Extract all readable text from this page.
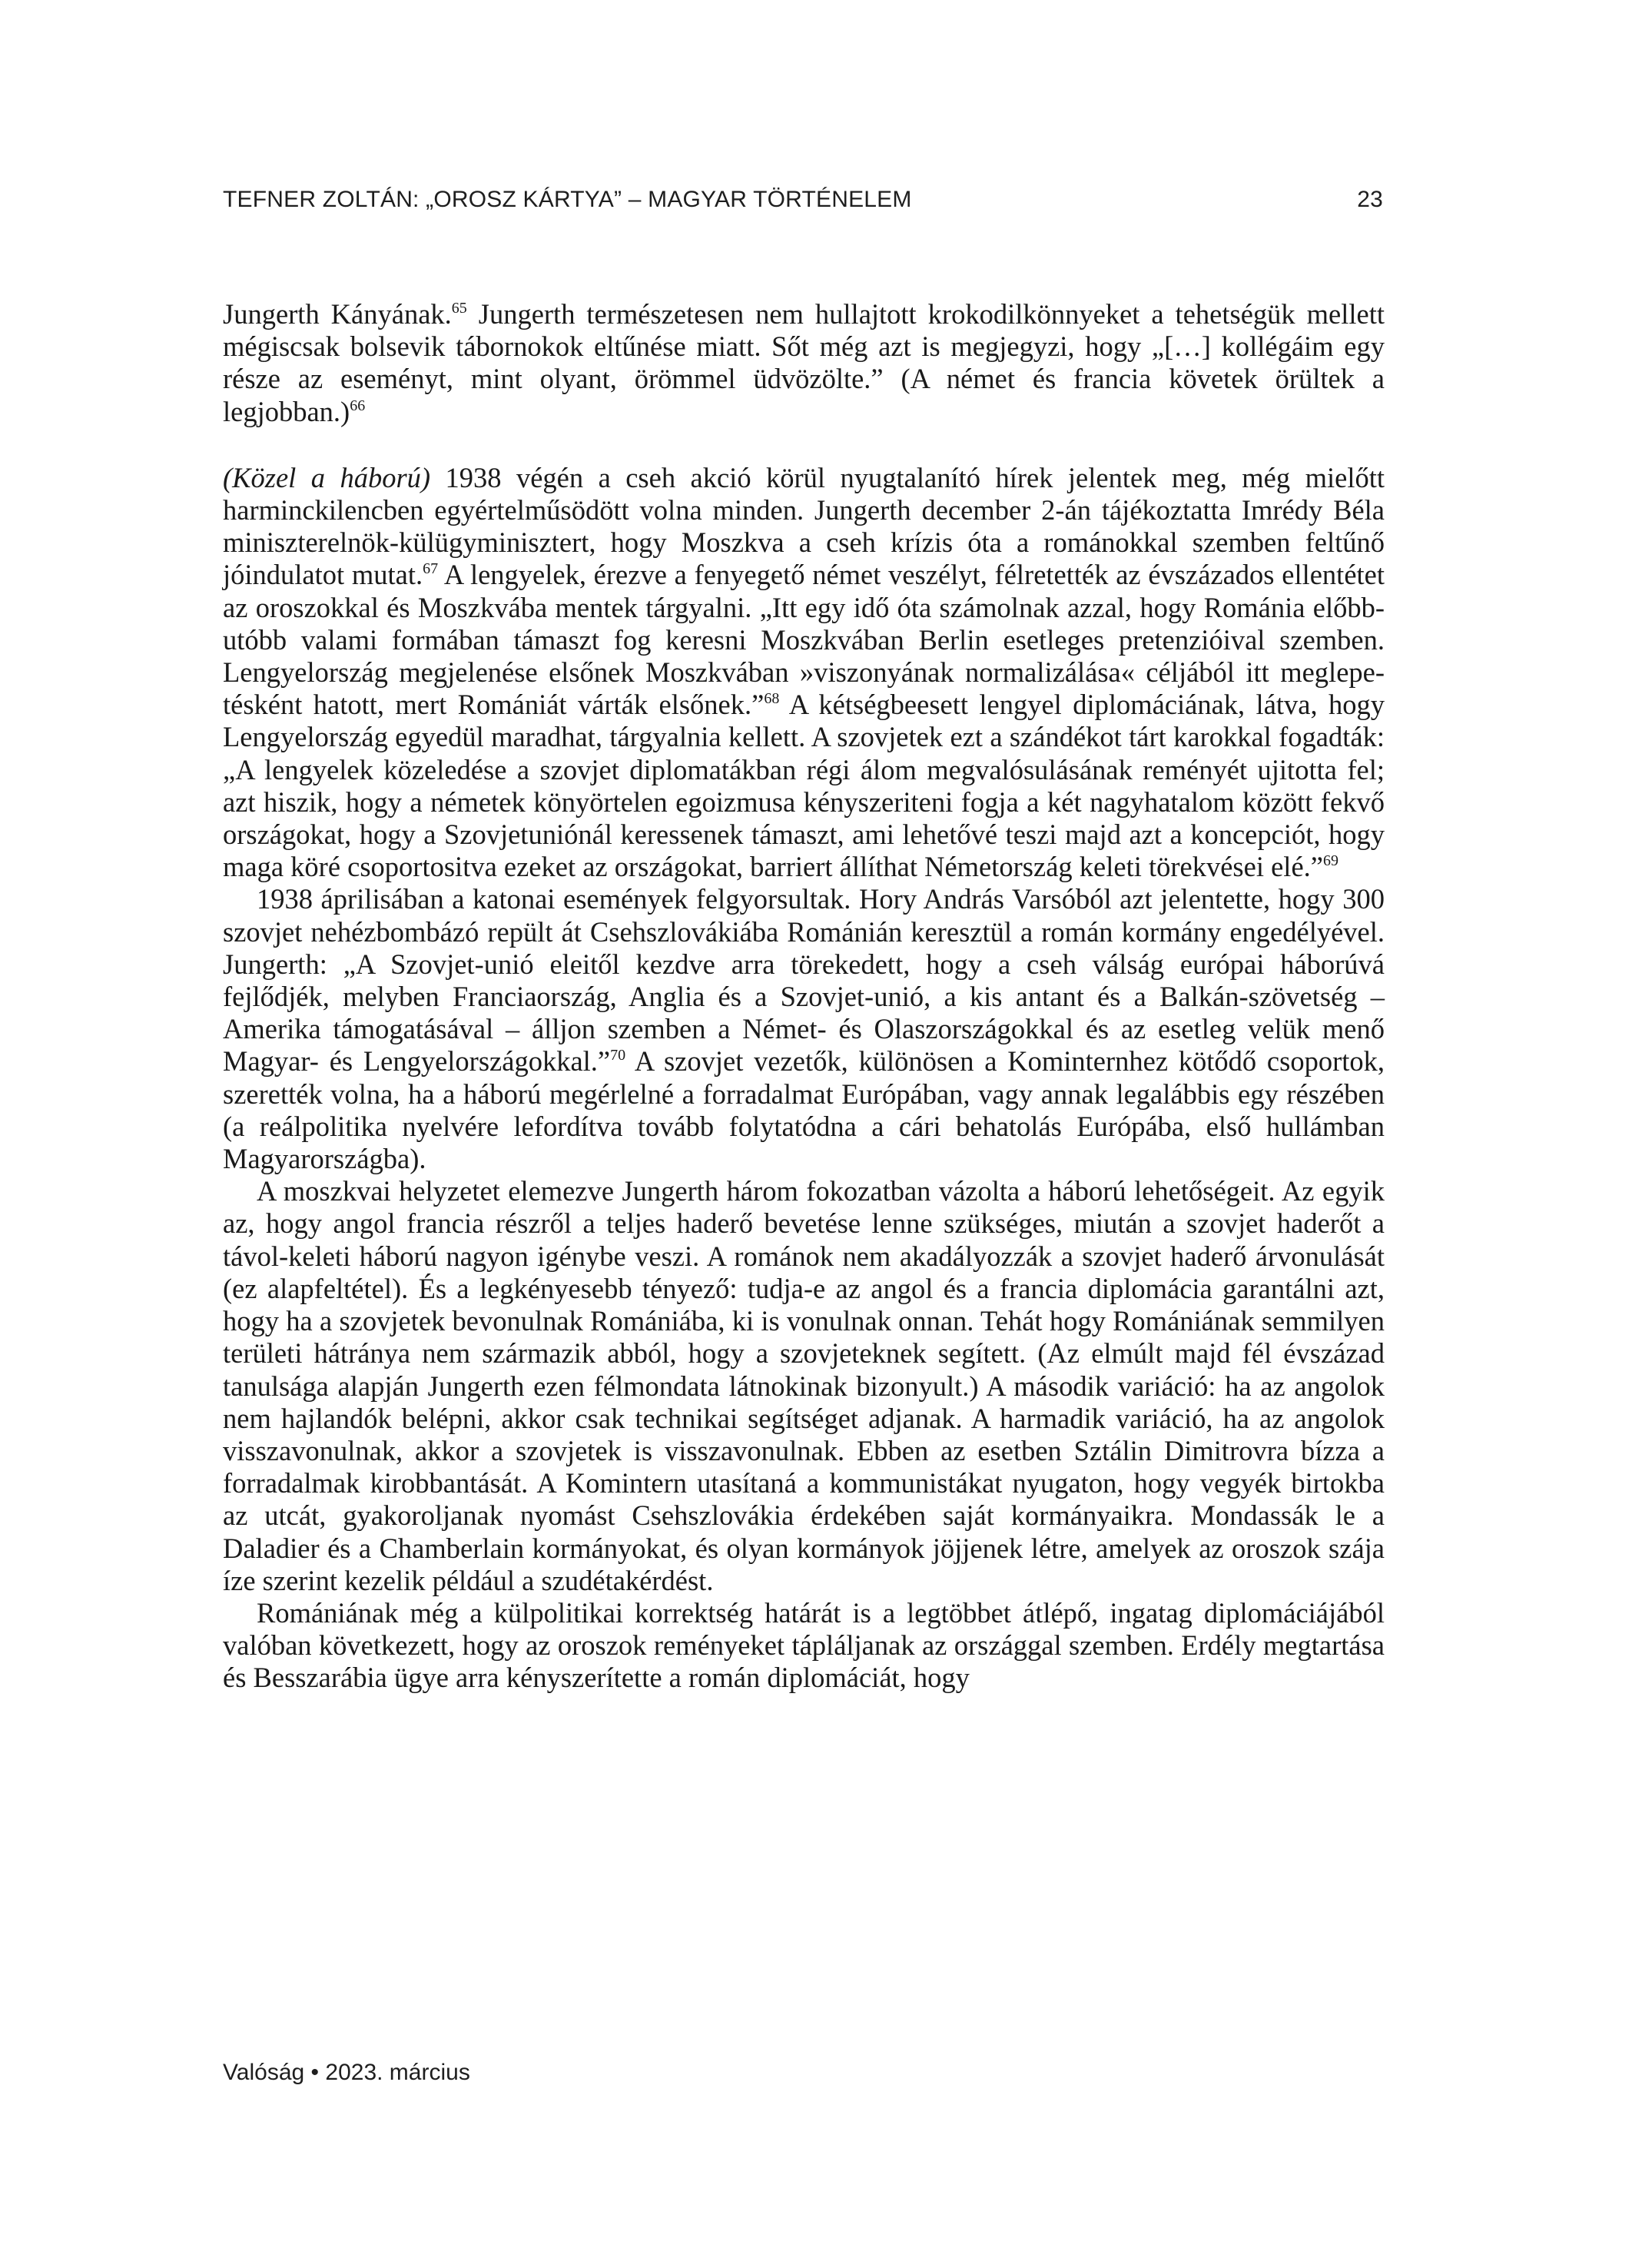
TEFNER ZOLTÁN: „OROSZ KÁRTYA” – MAGYAR TÖRTÉNELEM	23

Jungerth Kányának.$^{65}$ Jungerth természetesen nem hullajtott krokodilkönnyeket a tehetségük mellett mégiscsak bolsevik tábornokok eltűnése miatt. Sőt még azt is megjegyzi, hogy „[…] kollégáim egy része az eseményt, mint olyant, örömmel üdvözölte.” (A német és francia követek örültek a legjobban.)$^{66}$

(Közel a háború) 1938 végén a cseh akció körül nyugtalanító hírek jelentek meg, még mielőtt harminckilencben egyértelműsödött volna minden. Jungerth december 2-án tájékoztatta Imrédy Béla miniszterelnök-külügyminisztert, hogy Moszkva a cseh krízis óta a románokkal szemben feltűnő jóindulatot mutat.$^{67}$ A lengyelek, érezve a fenyegető német veszélyt, félretették az évszázados ellentétet az oroszokkal és Moszkvába mentek tárgyalni. „Itt egy idő óta számolnak azzal, hogy Románia előbb-utóbb valami formában támaszt fog keresni Moszkvában Berlin esetleges pretenzióival szemben. Lengyelország megjelenése elsőnek Moszkvában »viszonyának normalizálása« céljából itt meglepetésként hatott, mert Romániát várták elsőnek.”$^{68}$ A kétségbeesett lengyel diplomáciának, látva, hogy Lengyelország egyedül maradhat, tárgyalnia kellett. A szovjetek ezt a szándékot tárt karokkal fogadták: „A lengyelek közeledése a szovjet diplomatákban régi álom megvalósulásának reményét ujitotta fel; azt hiszik, hogy a németek könyörtelen egoizmusa kényszeriteni fogja a két nagyhatalom között fekvő országokat, hogy a Szovjetuniónál keressenek támaszt, ami lehetővé teszi majd azt a koncepciót, hogy maga köré csoportositva ezeket az országokat, barriert állíthat Németország keleti törekvései elé.”$^{69}$

1938 áprilisában a katonai események felgyorsultak. Hory András Varsóból azt jelentette, hogy 300 szovjet nehézbombázó repült át Csehszlovákiába Románián keresztül a román kormány engedélyével. Jungerth: „A Szovjet-unió eleitől kezdve arra törekedett, hogy a cseh válság európai háborúvá fejlődjék, melyben Franciaország, Anglia és a Szovjet-unió, a kis antant és a Balkán-szövetség – Amerika támogatásával – álljon szemben a Német- és Olaszországokkal és az esetleg velük menő Magyar- és Lengyelországokkal.”$^{70}$ A szovjet vezetők, különösen a Kominternhez kötődő csoportok, szerették volna, ha a háború megérlelné a forradalmat Európában, vagy annak legalábbis egy részében (a reálpolitika nyelvére lefordítva tovább folytatódna a cári behatolás Európába, első hullámban Magyarországba).

A moszkvai helyzetet elemezve Jungerth három fokozatban vázolta a háború lehetőségeit. Az egyik az, hogy angol francia részről a teljes haderő bevetése lenne szükséges, miután a szovjet haderőt a távol-keleti háború nagyon igénybe veszi. A románok nem akadályozzák a szovjet haderő árvonulását (ez alapfeltétel). És a legkényesebb tényező: tudja-e az angol és a francia diplomácia garantálni azt, hogy ha a szovjetek bevonulnak Romániába, ki is vonulnak onnan. Tehát hogy Romániának semmilyen területi hátránya nem származik abból, hogy a szovjeteknek segített. (Az elmúlt majd fél évszázad tanulsága alapján Jungerth ezen félmondata látnokinak bizonyult.) A második variáció: ha az angolok nem hajlandók belépni, akkor csak technikai segítséget adjanak. A harmadik variáció, ha az angolok visszavonulnak, akkor a szovjetek is visszavonulnak. Ebben az esetben Sztálin Dimitrovra bízza a forradalmak kirobbantását. A Komintern utasítaná a kommunistákat nyugaton, hogy vegyék birtokba az utcát, gyakoroljanak nyomást Csehszlovákia érdekében saját kormányaikra. Mondassák le a Daladier és a Chamberlain kormányokat, és olyan kormányok jöjjenek létre, amelyek az oroszok szája íze szerint kezelik például a szudétakérdést.

Romániának még a külpolitikai korrektség határát is a legtöbbet átlépő, ingatag diplomáciájából valóban következett, hogy az oroszok reményeket tápláljanak az országgal szemben. Erdély megtartása és Besszarábia ügye arra kényszerítette a román diplomáciát, hogy

Valóság • 2023. március
